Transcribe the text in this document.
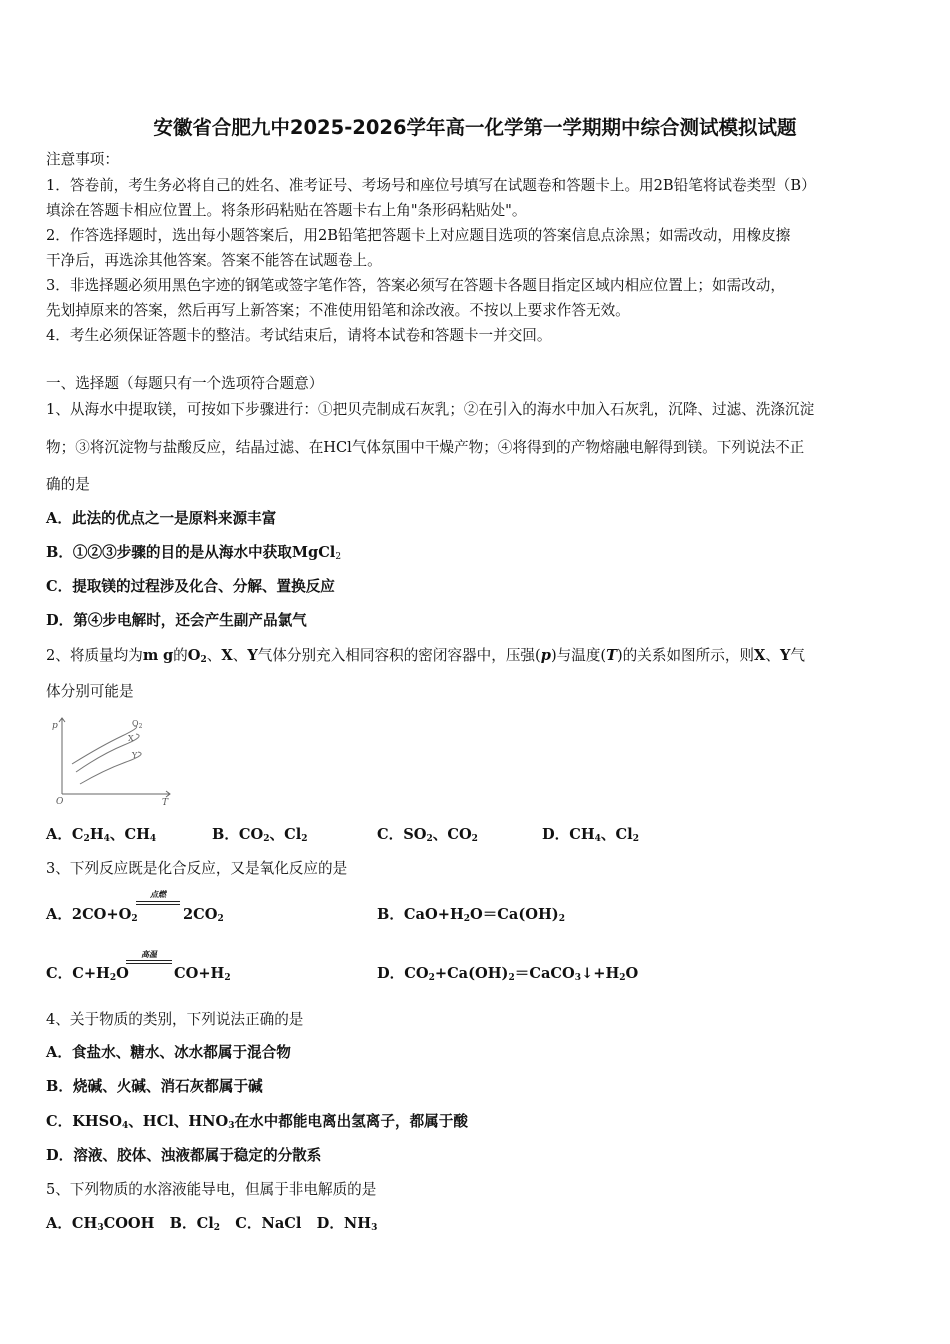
安徽省合肥九中2025-2026学年高一化学第一学期期中综合测试模拟试题
注意事项：
1．答卷前，考生务必将自己的姓名、准考证号、考场号和座位号填写在试题卷和答题卡上。用2B铅笔将试卷类型（B）
填涂在答题卡相应位置上。将条形码粘贴在答题卡右上角"条形码粘贴处"。
2．作答选择题时，选出每小题答案后，用2B铅笔把答题卡上对应题目选项的答案信息点涂黑；如需改动，用橡皮擦
干净后，再选涂其他答案。答案不能答在试题卷上。
3．非选择题必须用黑色字迹的钢笔或签字笔作答，答案必须写在答题卡各题目指定区域内相应位置上；如需改动，
先划掉原来的答案，然后再写上新答案；不准使用铅笔和涂改液。不按以上要求作答无效。
4．考生必须保证答题卡的整洁。考试结束后，请将本试卷和答题卡一并交回。
一、选择题（每题只有一个选项符合题意）
1、从海水中提取镁，可按如下步骤进行：①把贝壳制成石灰乳；②在引入的海水中加入石灰乳，沉降、过滤、洗涤沉淀
物；③将沉淀物与盐酸反应，结晶过滤、在HCl气体氛围中干燥产物；④将得到的产物熔融电解得到镁。下列说法不正
确的是
A．此法的优点之一是原料来源丰富
B．①②③步骤的目的是从海水中获取MgCl$_2$
C．提取镁的过程涉及化合、分解、置换反应
D．第④步电解时，还会产生副产品氯气
2、将质量均为m g的$O_2$、X、Y气体分别充入相同容积的密闭容器中，压强(p)与温度(T)的关系如图所示，则X、Y气
体分别可能是
p
T
O
$O_2$
X
Y
A．$C_2H_4$、$CH_4$	B．$CO_2$、$Cl_2$	C．$SO_2$、$CO_2$	D．$CH_4$、$Cl_2$
3、下列反应既是化合反应，又是氧化反应的是
A．$2CO+O_2$
点燃
$2CO_2$	B．$CaO+H_2O=Ca(OH)_2$
C．$C+H_2O$
高温
$CO+H_2$	D．$CO_2+Ca(OH)_2=CaCO_3↓+H_2O$
4、关于物质的类别，下列说法正确的是
A．食盐水、糖水、冰水都属于混合物
B．烧碱、火碱、消石灰都属于碱
C．$KHSO_4$、HCl、$HNO_3$在水中都能电离出氢离子，都属于酸
D．溶液、胶体、浊液都属于稳定的分散系
5、下列物质的水溶液能导电，但属于非电解质的是
A．$CH_3COOH$   B．$Cl_2$   C．NaCl   D．$NH_3$
